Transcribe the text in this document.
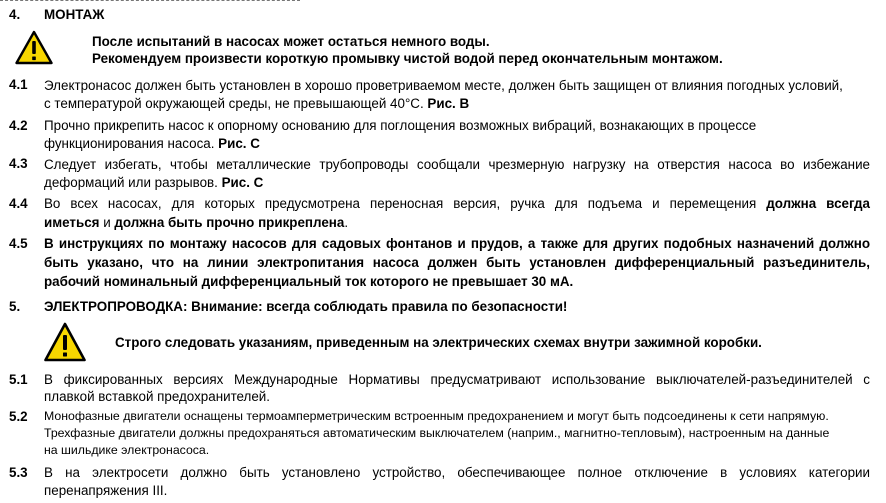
4. МОНТАЖ
После испытаний в насосах может остаться немного воды.
Рекомендуем произвести короткую промывку чистой водой перед окончательным монтажом.
4.1 Электронасос должен быть установлен в хорошо проветриваемом месте, должен быть защищен от влияния погодных условий,
с температурой окружающей среды, не превышающей 40°С. Рис. В
4.2 Прочно прикрепить насос к опорному основанию для поглощения возможных вибраций, вознакающих в процессе
функционирования насоса. Рис. С
4.3 Следует избегать, чтобы металлические трубопроводы сообщали чрезмерную нагрузку на отверстия насоса во избежание
деформаций или разрывов. Рис. С
4.4 Во всех насосах, для которых предусмотрена переносная версия, ручка для подъема и перемещения должна всегда
иметься и должна быть прочно прикреплена.
4.5 В инструкциях по монтажу насосов для садовых фонтанов и прудов, а также для других подобных назначений должно
быть указано, что на линии электропитания насоса должен быть установлен дифференциальный разъединитель,
рабочий номинальный дифференциальный ток которого не превышает 30 мА.
5. ЭЛЕКТРОПРОВОДКА: Внимание: всегда соблюдать правила по безопасности!
Строго следовать указаниям, приведенным на электрических схемах внутри зажимной коробки.
5.1 В фиксированных версиях Международные Нормативы предусматривают использование выключателей-разъединителей с
плавкой вставкой предохранителей.
5.2 Монофазные двигатели оснащены термоамперметрическим встроенным предохранением и могут быть подсоединены к сети напрямую.
Трехфазные двигатели должны предохраняться автоматическим выключателем (наприм., магнитно-тепловым), настроенным на данные
на шильдике электронасоса.
5.3 В на электросети должно быть установлено устройство, обеспечивающее полное отключение в условиях категории
перенапряжения III.
